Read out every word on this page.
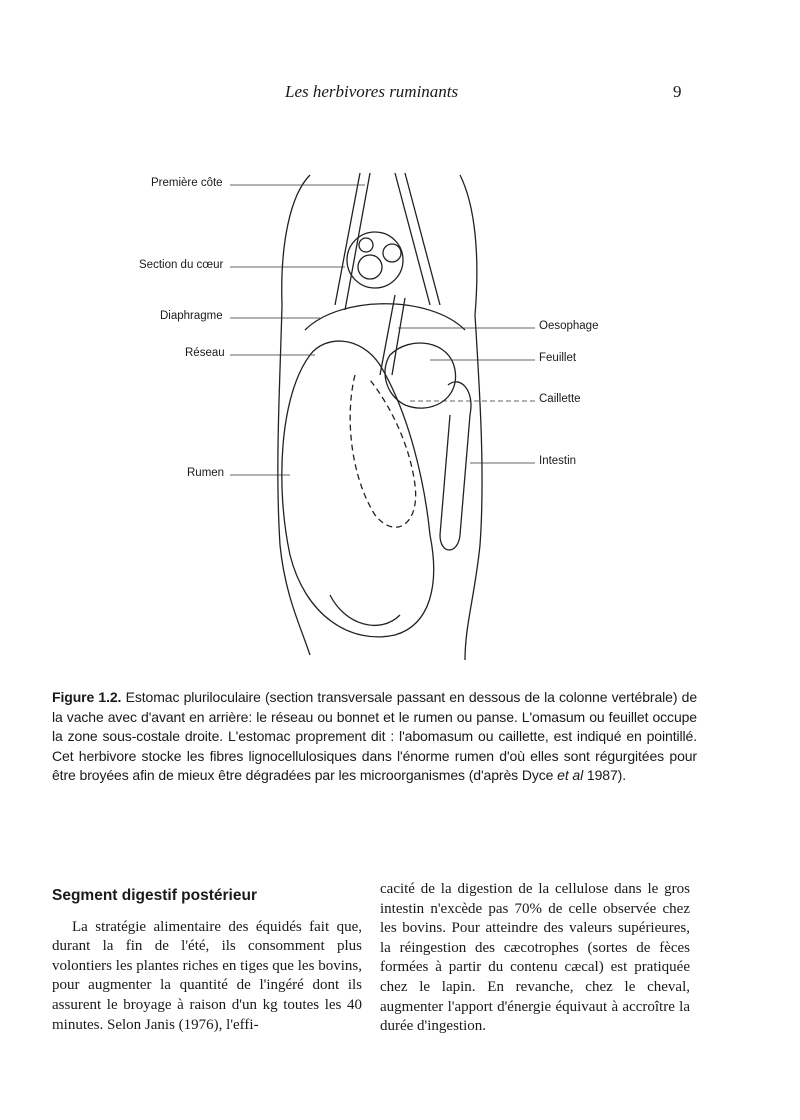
Les herbivores ruminants	9
Première côte
Section du cœur
Diaphragme
Réseau
Rumen
Oesophage
Feuillet
Caillette
Intestin
Figure 1.2. Estomac pluriloculaire (section transversale passant en dessous de la colonne vertébrale) de la vache avec d'avant en arrière: le réseau ou bonnet et le rumen ou panse. L'omasum ou feuillet occupe la zone sous-costale droite. L'estomac proprement dit : l'abomasum ou caillette, est indiqué en pointillé. Cet herbivore stocke les fibres lignocellulosiques dans l'énorme rumen d'où elles sont régurgitées pour être broyées afin de mieux être dégradées par les microorganismes (d'après Dyce et al 1987).
Segment digestif postérieur

La stratégie alimentaire des équidés fait que, durant la fin de l'été, ils consomment plus volontiers les plantes riches en tiges que les bovins, pour augmenter la quantité de l'ingéré dont ils assurent le broyage à raison d'un kg toutes les 40 minutes. Selon Janis (1976), l'effi-

cacité de la digestion de la cellulose dans le gros intestin n'excède pas 70% de celle observée chez les bovins. Pour atteindre des valeurs supérieures, la réingestion des cæcotrophes (sortes de fèces formées à partir du contenu cæcal) est pratiquée chez le lapin. En revanche, chez le cheval, augmenter l'apport d'énergie équivaut à accroître la durée d'ingestion.
